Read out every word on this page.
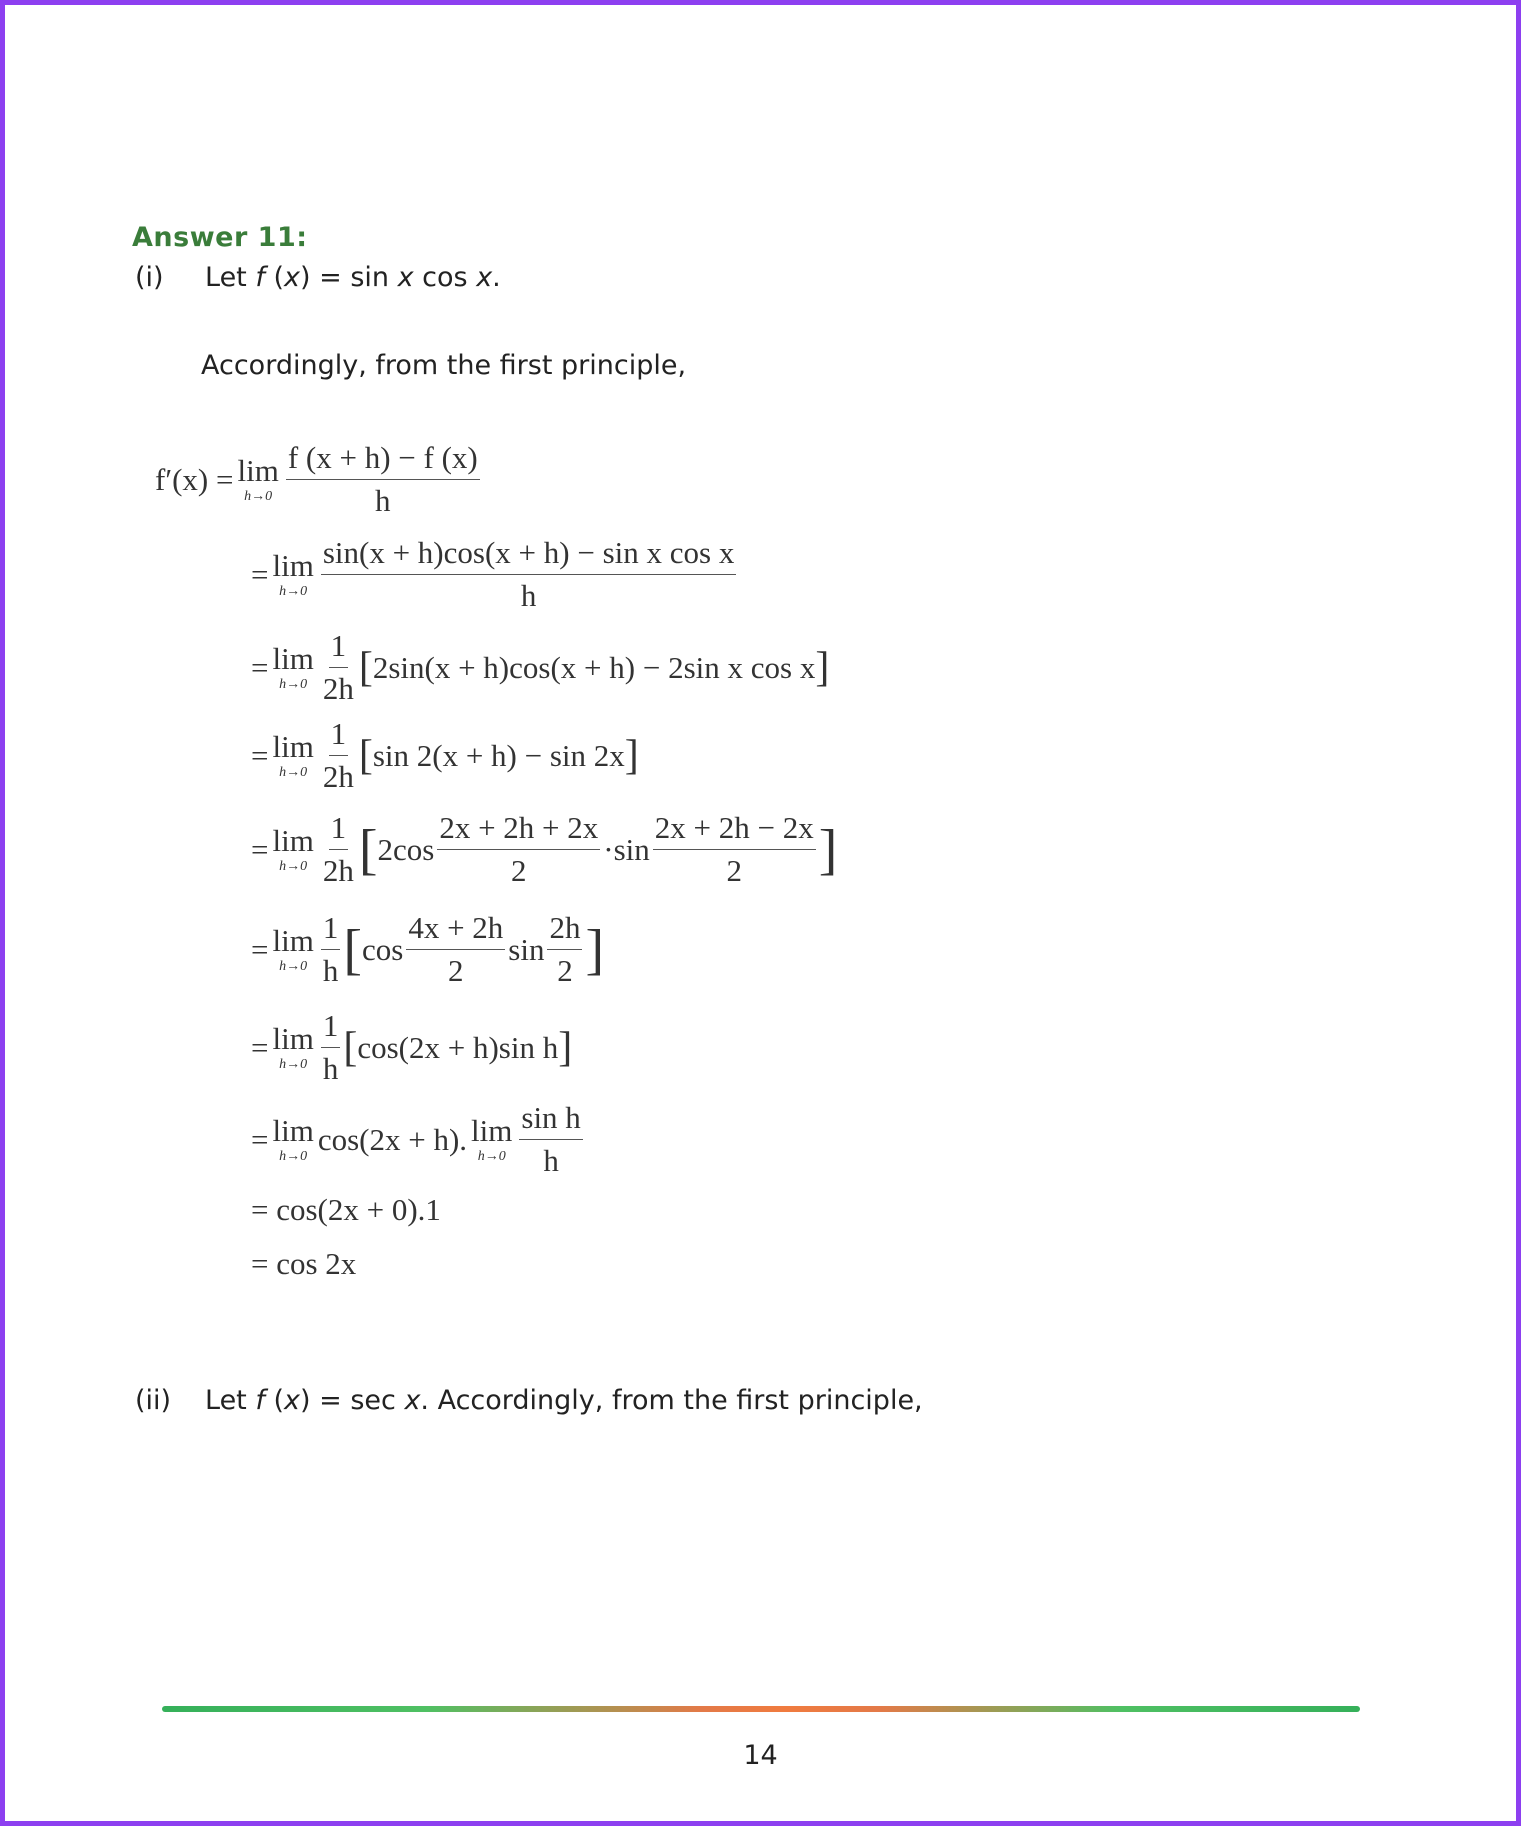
Answer 11:
(i) Let f (x) = sin x cos x.
Accordingly, from the first principle,
f′(x) = lim
$h\to 0 \frac{f (x + h) - f (x)}{h}$
= lim
$h\to 0 \frac{\text{sin(x + h)cos(x + h) − sin x cos x}}{h}$
= lim
$h\to 0 \frac{1}{2h}$ [ 2sin(x + h)cos(x + h) − 2sin x cos x ]
= lim
$h\to 0 \frac{1}{2h}$ [ sin 2(x + h) − sin 2x ]
= lim
$h\to 0 \frac{1}{2h}$ [ $2\cos \frac{2x + 2h + 2x}{2} \cdot\sin \frac{2x + 2h - 2x}{2}$ ]
= lim
$h\to 0 \frac{1}{h}$ [ $\cos \frac{4x + 2h}{2}$ $\sin \frac{2h}{2}$ ]
= lim
$h\to 0 \frac{1}{h}$ [ cos(2x + h)sin h ]
= lim
h→0
cos(2x + h). lim
$h\to 0 \frac{\text{sin h}}{h}$
= cos(2x + 0).1
= cos 2x
(ii) Let f (x) = sec x. Accordingly, from the first principle,
14
